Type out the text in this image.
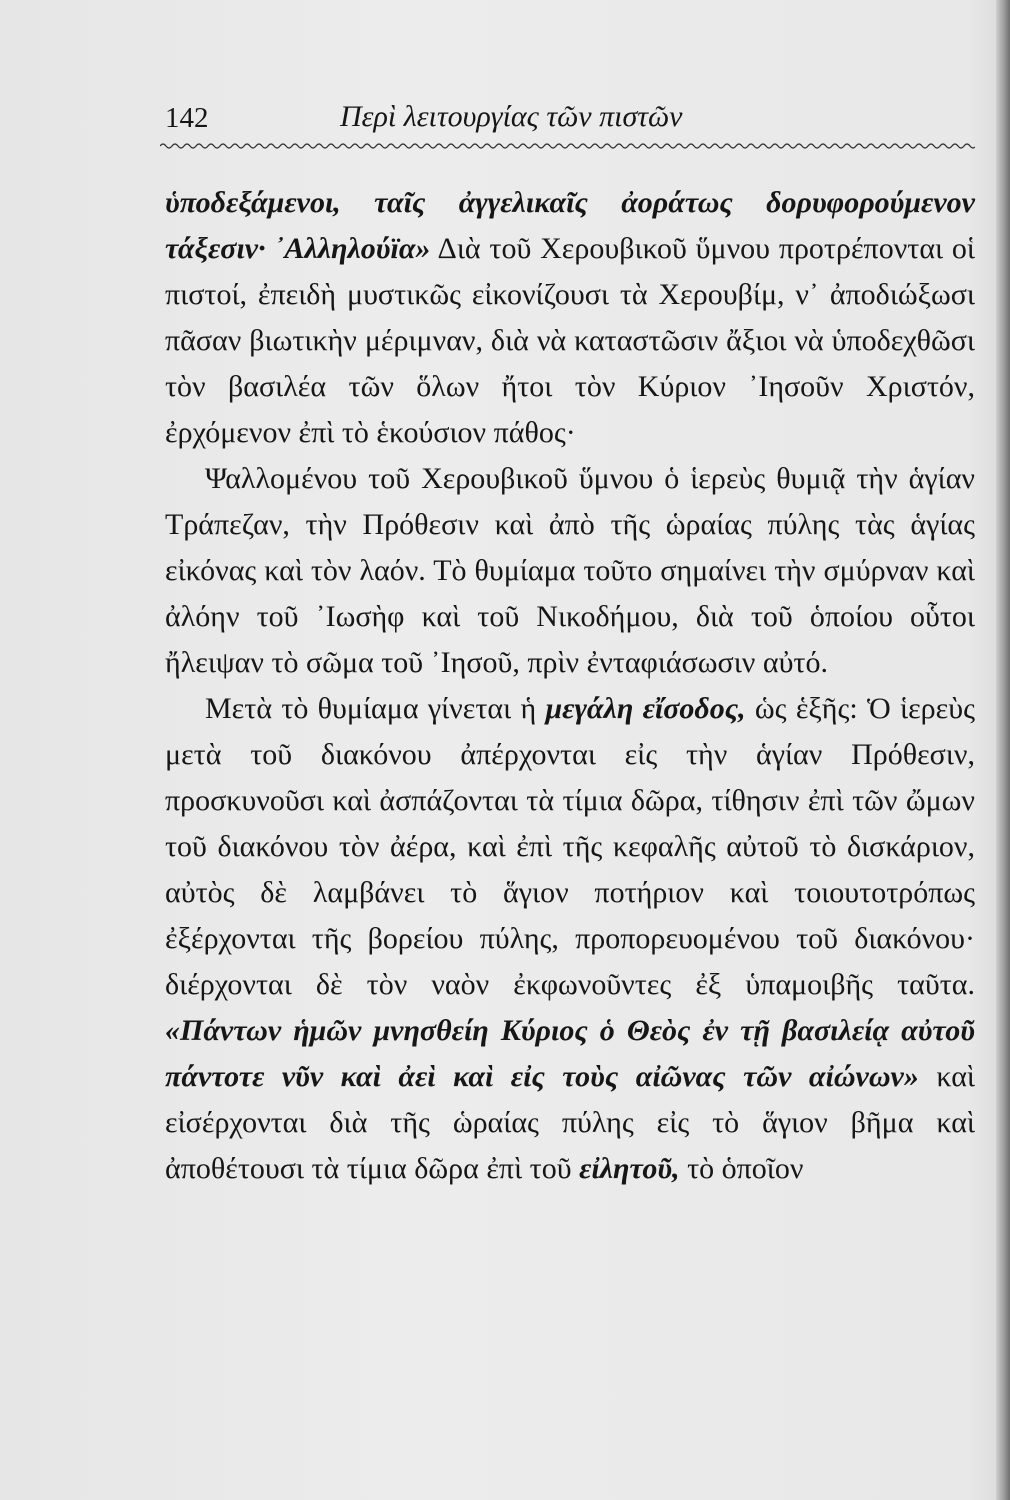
142	Περὶ λειτουργίας τῶν πιστῶν

ὑποδεξάμενοι, ταῖς ἀγγελικαῖς ἀοράτως δορυφορούμενον τάξεσιν· ᾿Αλληλούϊα» Διὰ τοῦ Χερουβικοῦ ὕμνου προτρέπονται οἱ πιστοί, ἐπειδὴ μυστικῶς εἰκονίζουσι τὰ Χερουβίμ, ν᾿ ἀποδιώξωσι πᾶσαν βιωτικὴν μέριμναν, διὰ νὰ καταστῶσιν ἄξιοι νὰ ὑποδεχθῶσι τὸν βασιλέα τῶν ὅλων ἤτοι τὸν Κύριον ᾿Ιησοῦν Χριστόν, ἐρχόμενον ἐπὶ τὸ ἑκούσιον πάθος·

Ψαλλομένου τοῦ Χερουβικοῦ ὕμνου ὁ ἱερεὺς θυμιᾷ τὴν ἁγίαν Τράπεζαν, τὴν Πρόθεσιν καὶ ἀπὸ τῆς ὡραίας πύλης τὰς ἁγίας εἰκόνας καὶ τὸν λαόν. Τὸ θυμίαμα τοῦτο σημαίνει τὴν σμύρναν καὶ ἀλόην τοῦ ᾿Ιωσὴφ καὶ τοῦ Νικοδήμου, διὰ τοῦ ὁποίου οὗτοι ἤλειψαν τὸ σῶμα τοῦ ᾿Ιησοῦ, πρὶν ἐνταφιάσωσιν αὐτό.

Μετὰ τὸ θυμίαμα γίνεται ἡ μεγάλη εἴσοδος, ὡς ἑξῆς: Ὁ ἱερεὺς μετὰ τοῦ διακόνου ἀπέρχονται εἰς τὴν ἁγίαν Πρόθεσιν, προσκυνοῦσι καὶ ἀσπάζονται τὰ τίμια δῶρα, τίθησιν ἐπὶ τῶν ὤμων τοῦ διακόνου τὸν ἀέρα, καὶ ἐπὶ τῆς κεφαλῆς αὐτοῦ τὸ δισκάριον, αὐτὸς δὲ λαμβάνει τὸ ἅγιον ποτήριον καὶ τοιουτοτρόπως ἐξέρχονται τῆς βορείου πύλης, προπορευομένου τοῦ διακόνου· διέρχονται δὲ τὸν ναὸν ἐκφωνοῦντες ἐξ ὑπαμοιβῆς ταῦτα. «Πάντων ἡμῶν μνησθείη Κύριος ὁ Θεὸς ἐν τῇ βασιλείᾳ αὐτοῦ πάντοτε νῦν καὶ ἀεὶ καὶ εἰς τοὺς αἰῶνας τῶν αἰώνων» καὶ εἰσέρχονται διὰ τῆς ὡραίας πύλης εἰς τὸ ἅγιον βῆμα καὶ ἀποθέτουσι τὰ τίμια δῶρα ἐπὶ τοῦ εἰλητοῦ, τὸ ὁποῖον
